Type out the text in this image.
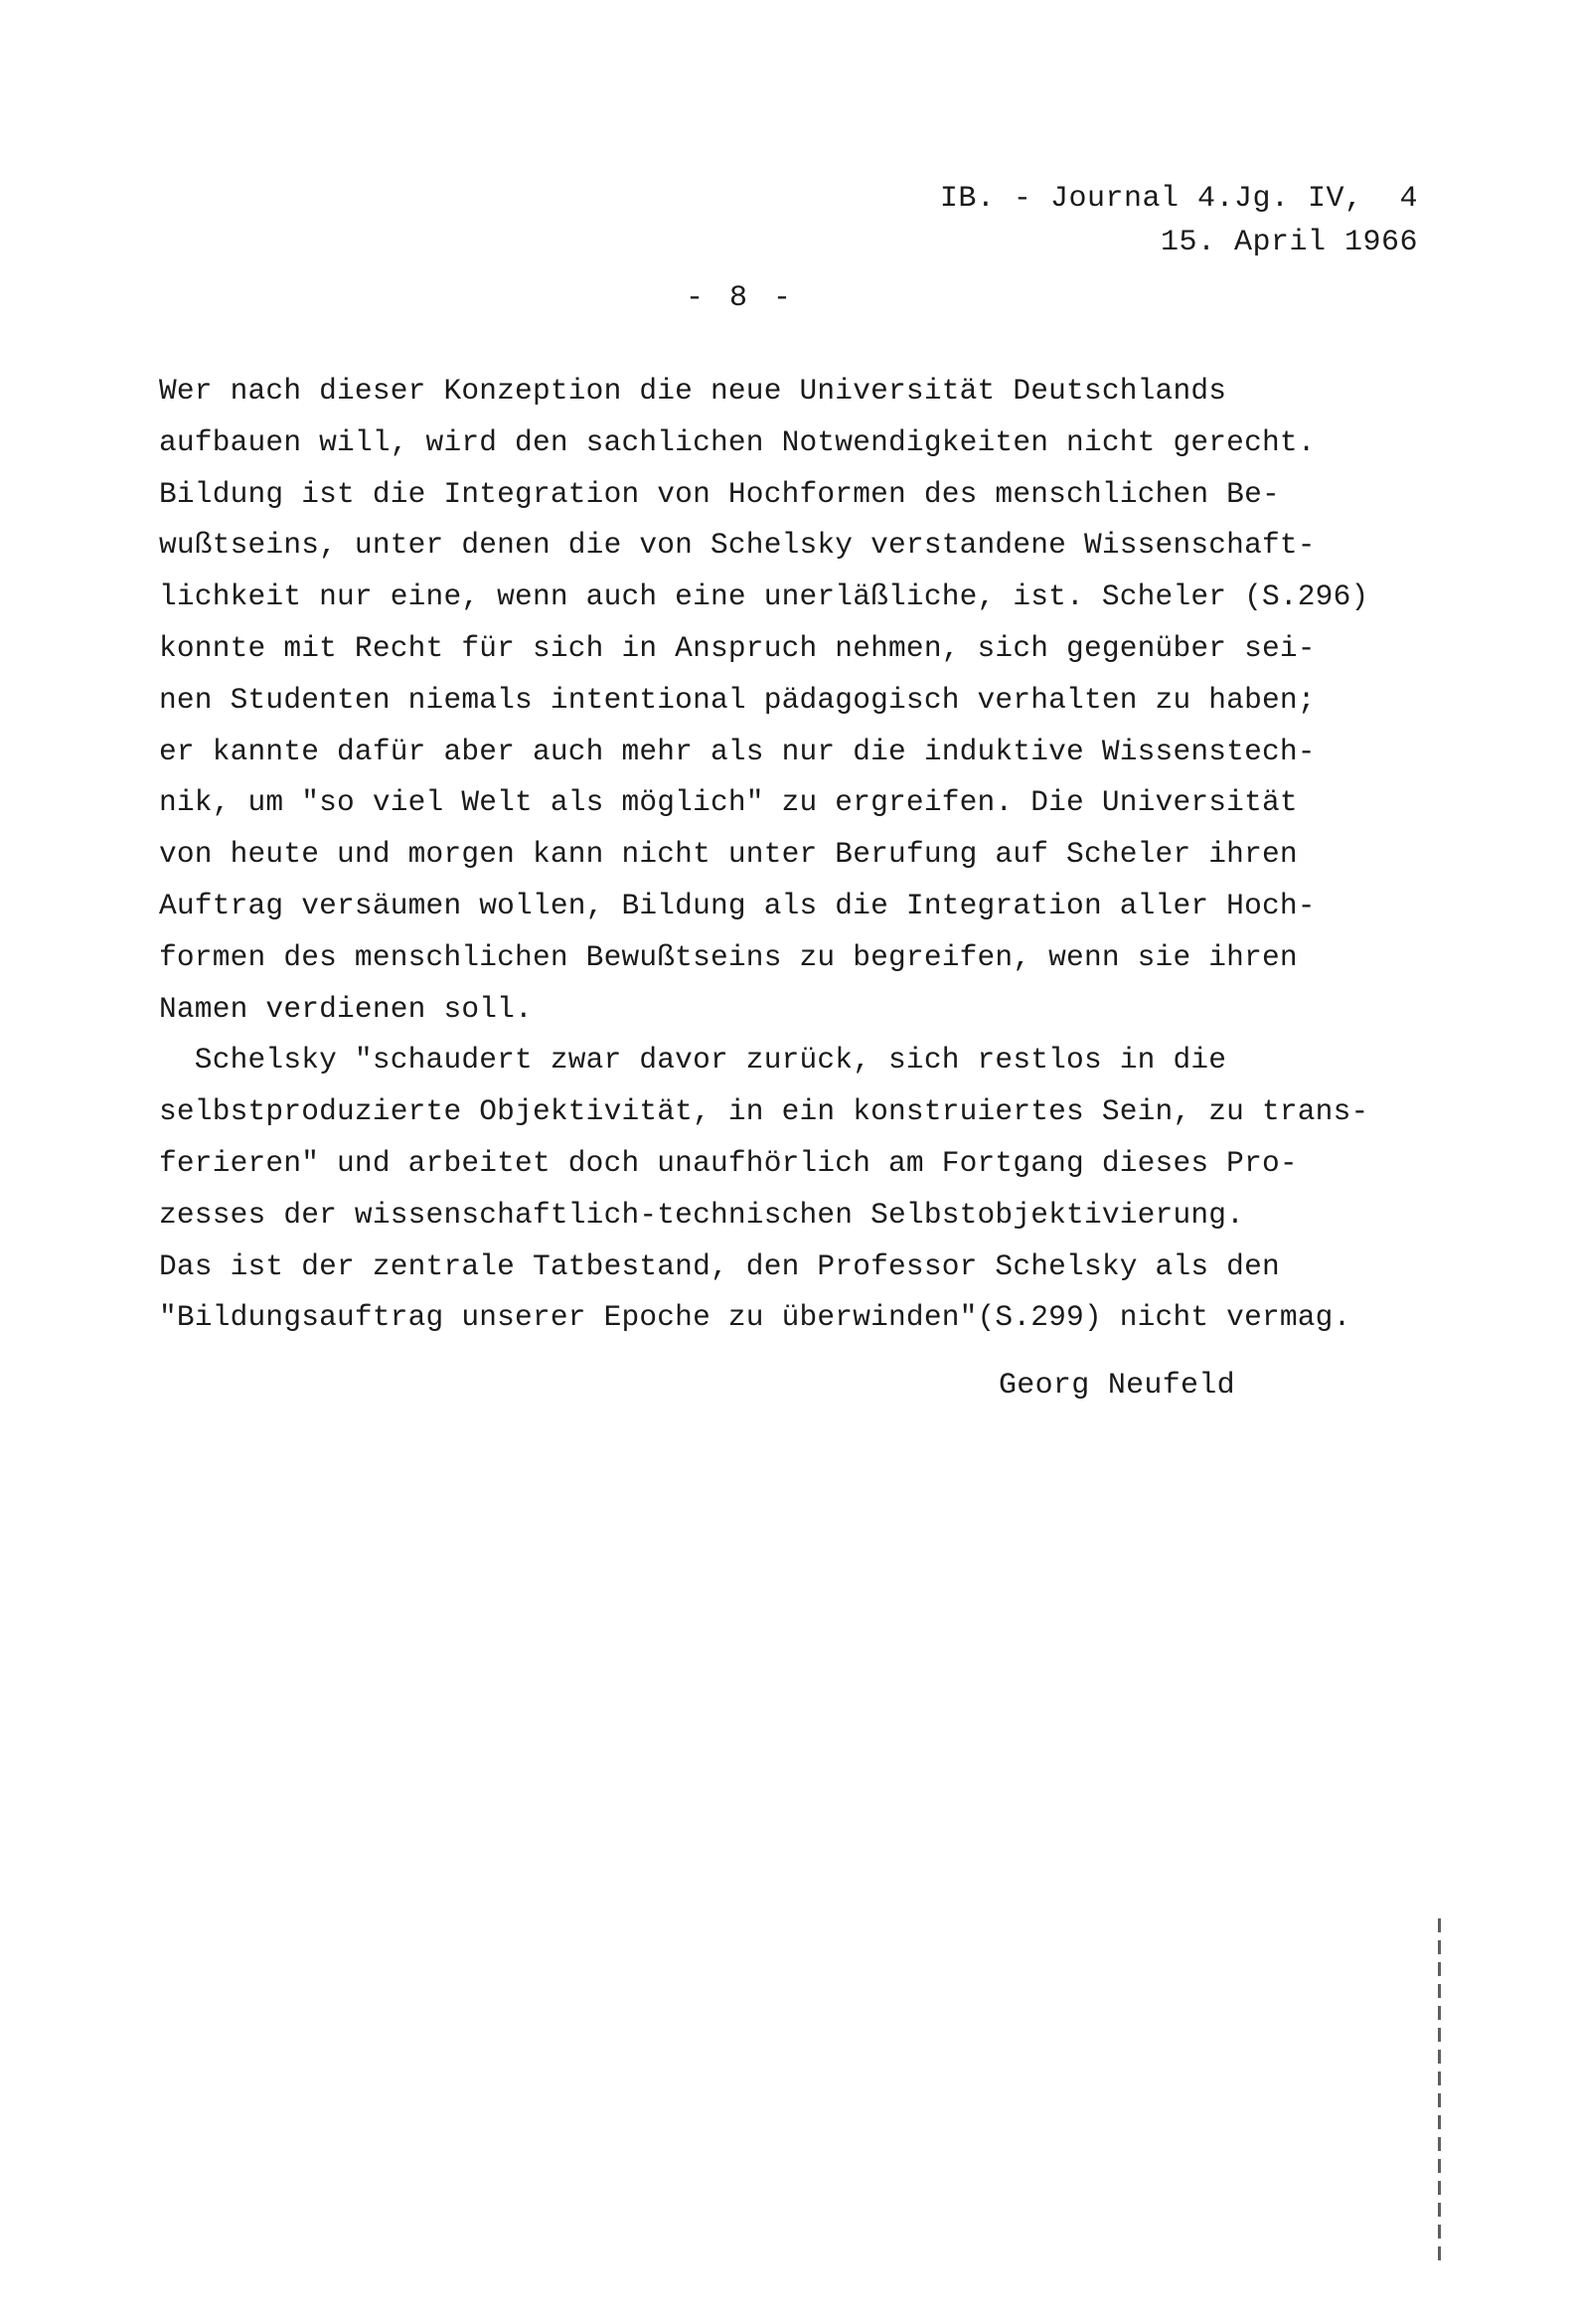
IB. - Journal 4.Jg. IV,  4
15. April 1966
- 8 -
Wer nach dieser Konzeption die neue Universität Deutschlands
aufbauen will, wird den sachlichen Notwendigkeiten nicht gerecht.
Bildung ist die Integration von Hochformen des menschlichen Be-
wußtseins, unter denen die von Schelsky verstandene Wissenschaft-
lichkeit nur eine, wenn auch eine unerläßliche, ist. Scheler (S.296)
konnte mit Recht für sich in Anspruch nehmen, sich gegenüber sei-
nen Studenten niemals intentional pädagogisch verhalten zu haben;
er kannte dafür aber auch mehr als nur die induktive Wissenstech-
nik, um "so viel Welt als möglich" zu ergreifen. Die Universität
von heute und morgen kann nicht unter Berufung auf Scheler ihren
Auftrag versäumen wollen, Bildung als die Integration aller Hoch-
formen des menschlichen Bewußtseins zu begreifen, wenn sie ihren
Namen verdienen soll.
Schelsky "schaudert zwar davor zurück, sich restlos in die
selbstproduzierte Objektivität, in ein konstruiertes Sein, zu trans-
ferieren" und arbeitet doch unaufhörlich am Fortgang dieses Pro-
zesses der wissenschaftlich-technischen Selbstobjektivierung.
Das ist der zentrale Tatbestand, den Professor Schelsky als den
"Bildungsauftrag unserer Epoche zu überwinden"(S.299) nicht vermag.
Georg Neufeld
